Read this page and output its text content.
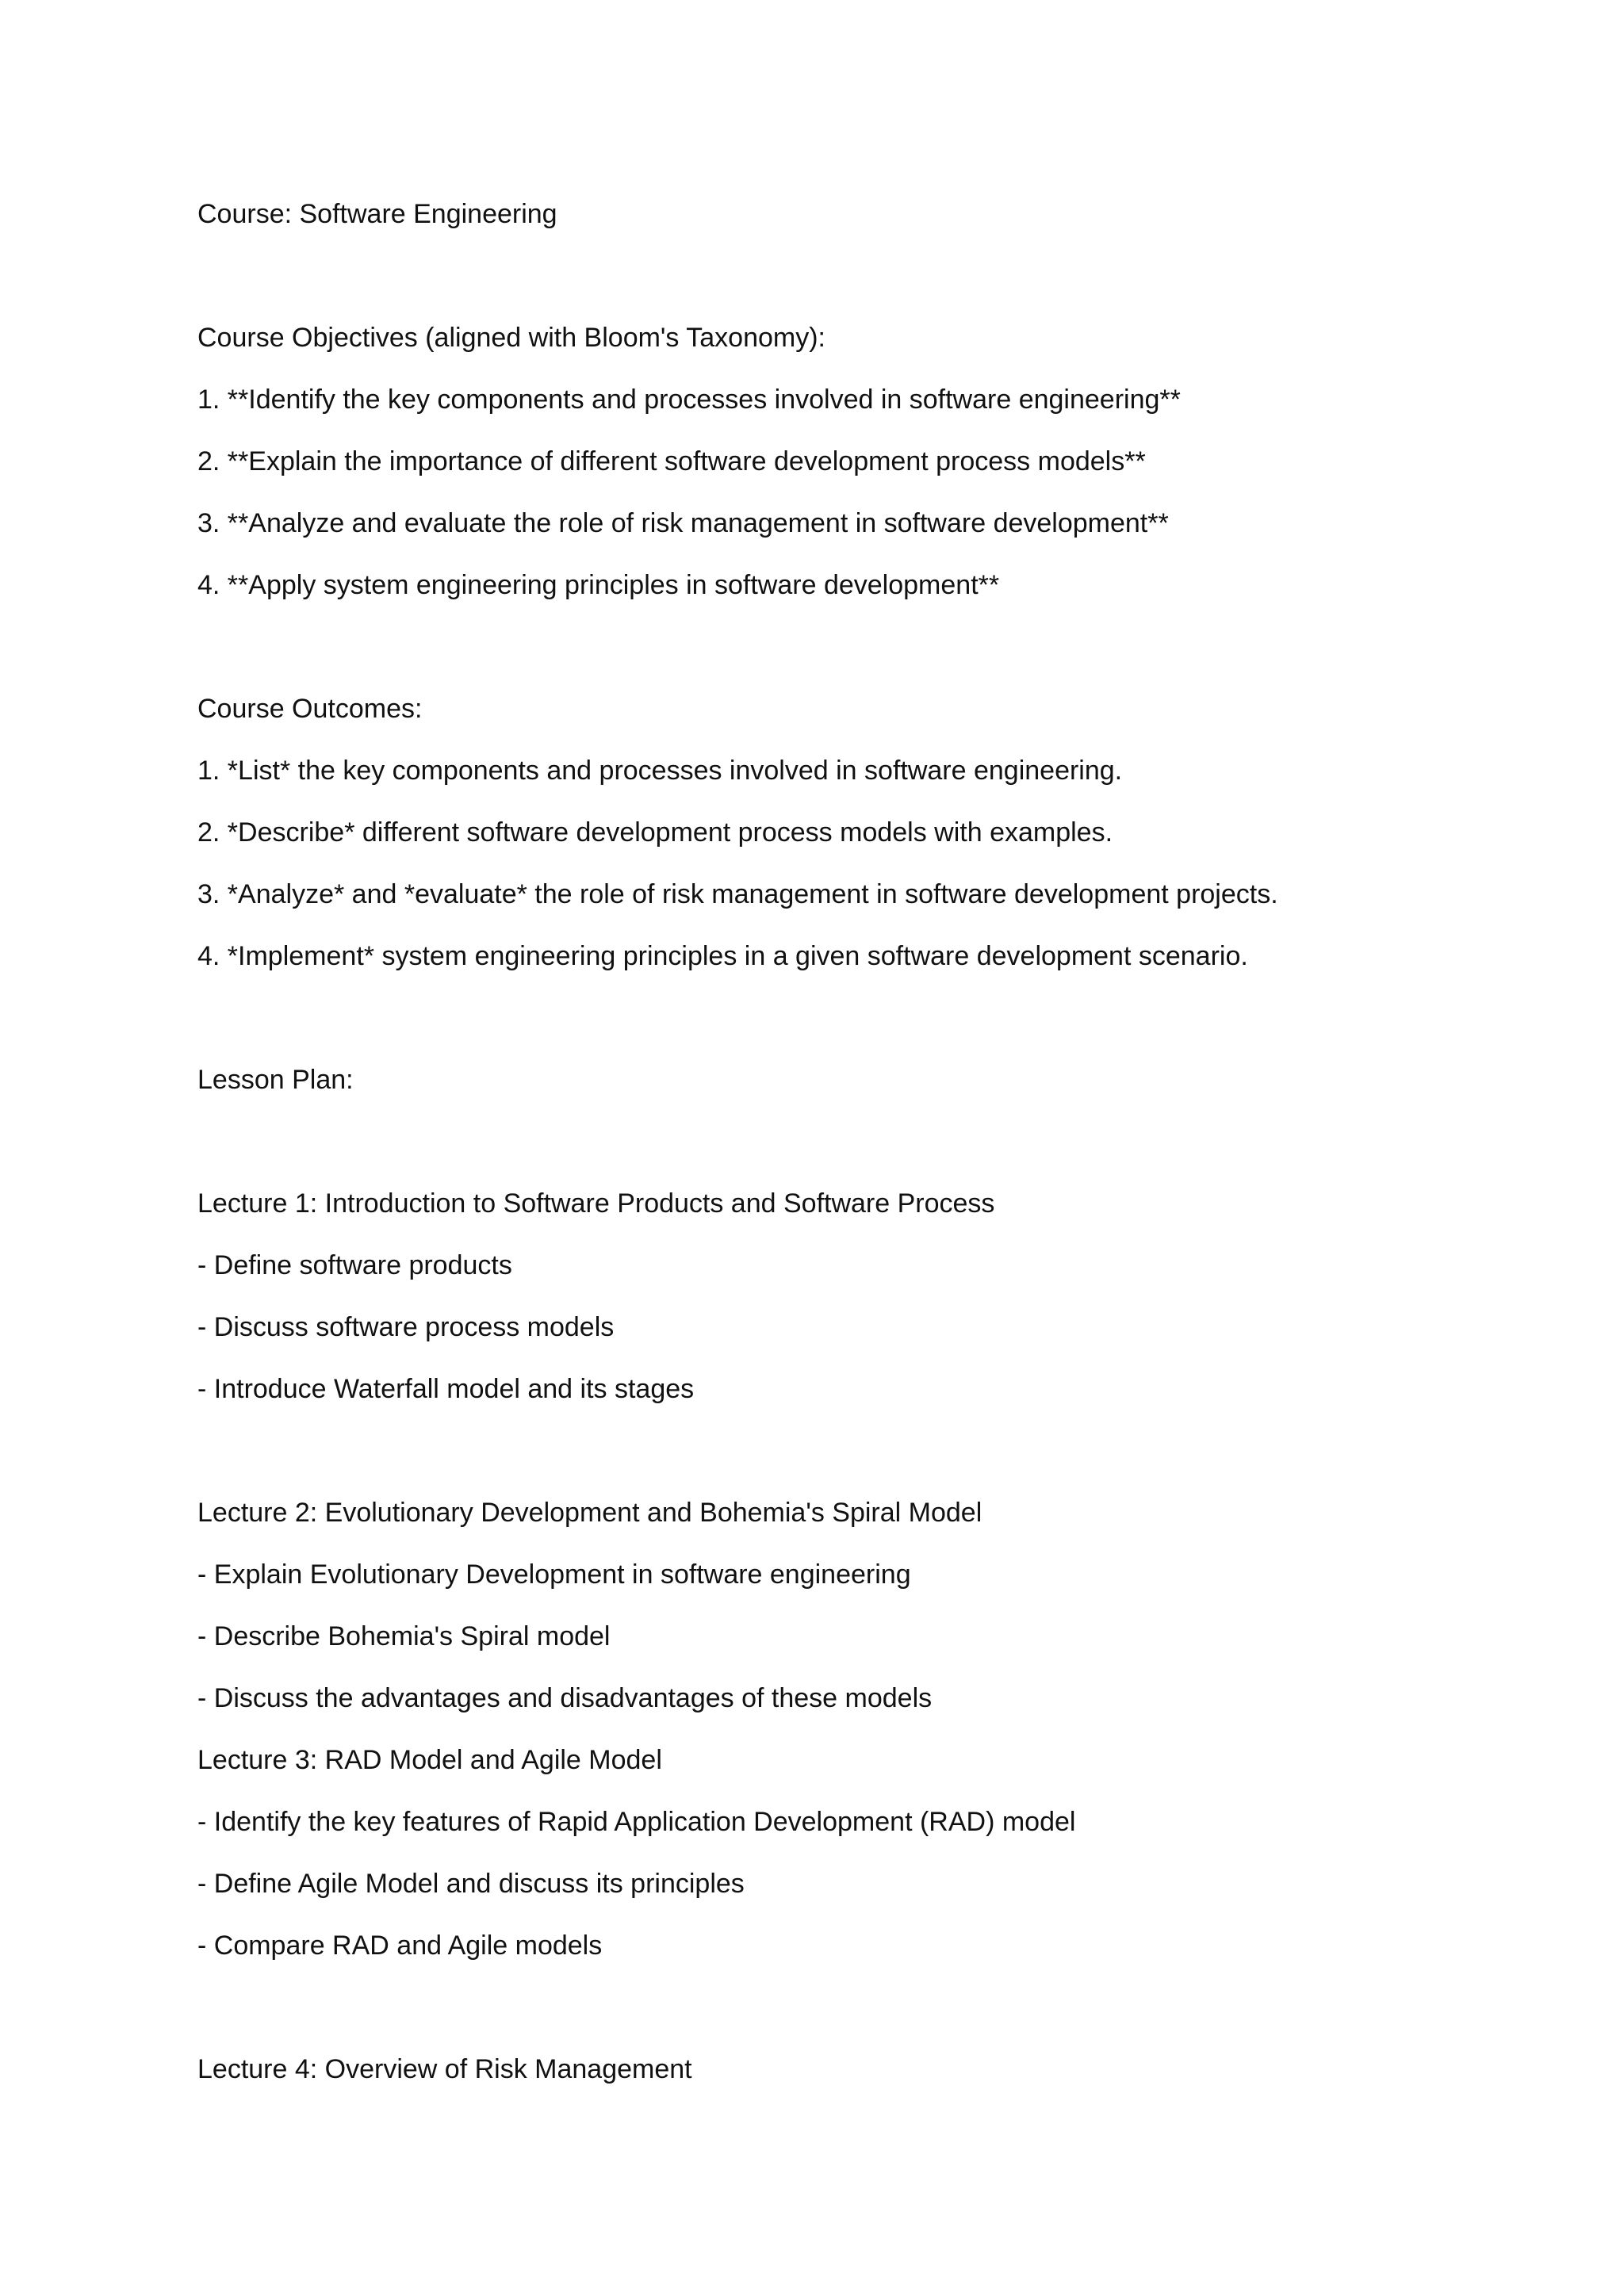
Course: Software Engineering

Course Objectives (aligned with Bloom's Taxonomy):

1. **Identify the key components and processes involved in software engineering**

2. **Explain the importance of different software development process models**

3. **Analyze and evaluate the role of risk management in software development**

4. **Apply system engineering principles in software development**

Course Outcomes:

1. *List* the key components and processes involved in software engineering.

2. *Describe* different software development process models with examples.

3. *Analyze* and *evaluate* the role of risk management in software development projects.

4. *Implement* system engineering principles in a given software development scenario.

Lesson Plan:

Lecture 1: Introduction to Software Products and Software Process

- Define software products

- Discuss software process models

- Introduce Waterfall model and its stages

Lecture 2: Evolutionary Development and Bohemia's Spiral Model

- Explain Evolutionary Development in software engineering

- Describe Bohemia's Spiral model

- Discuss the advantages and disadvantages of these models

Lecture 3: RAD Model and Agile Model

- Identify the key features of Rapid Application Development (RAD) model

- Define Agile Model and discuss its principles

- Compare RAD and Agile models

Lecture 4: Overview of Risk Management
